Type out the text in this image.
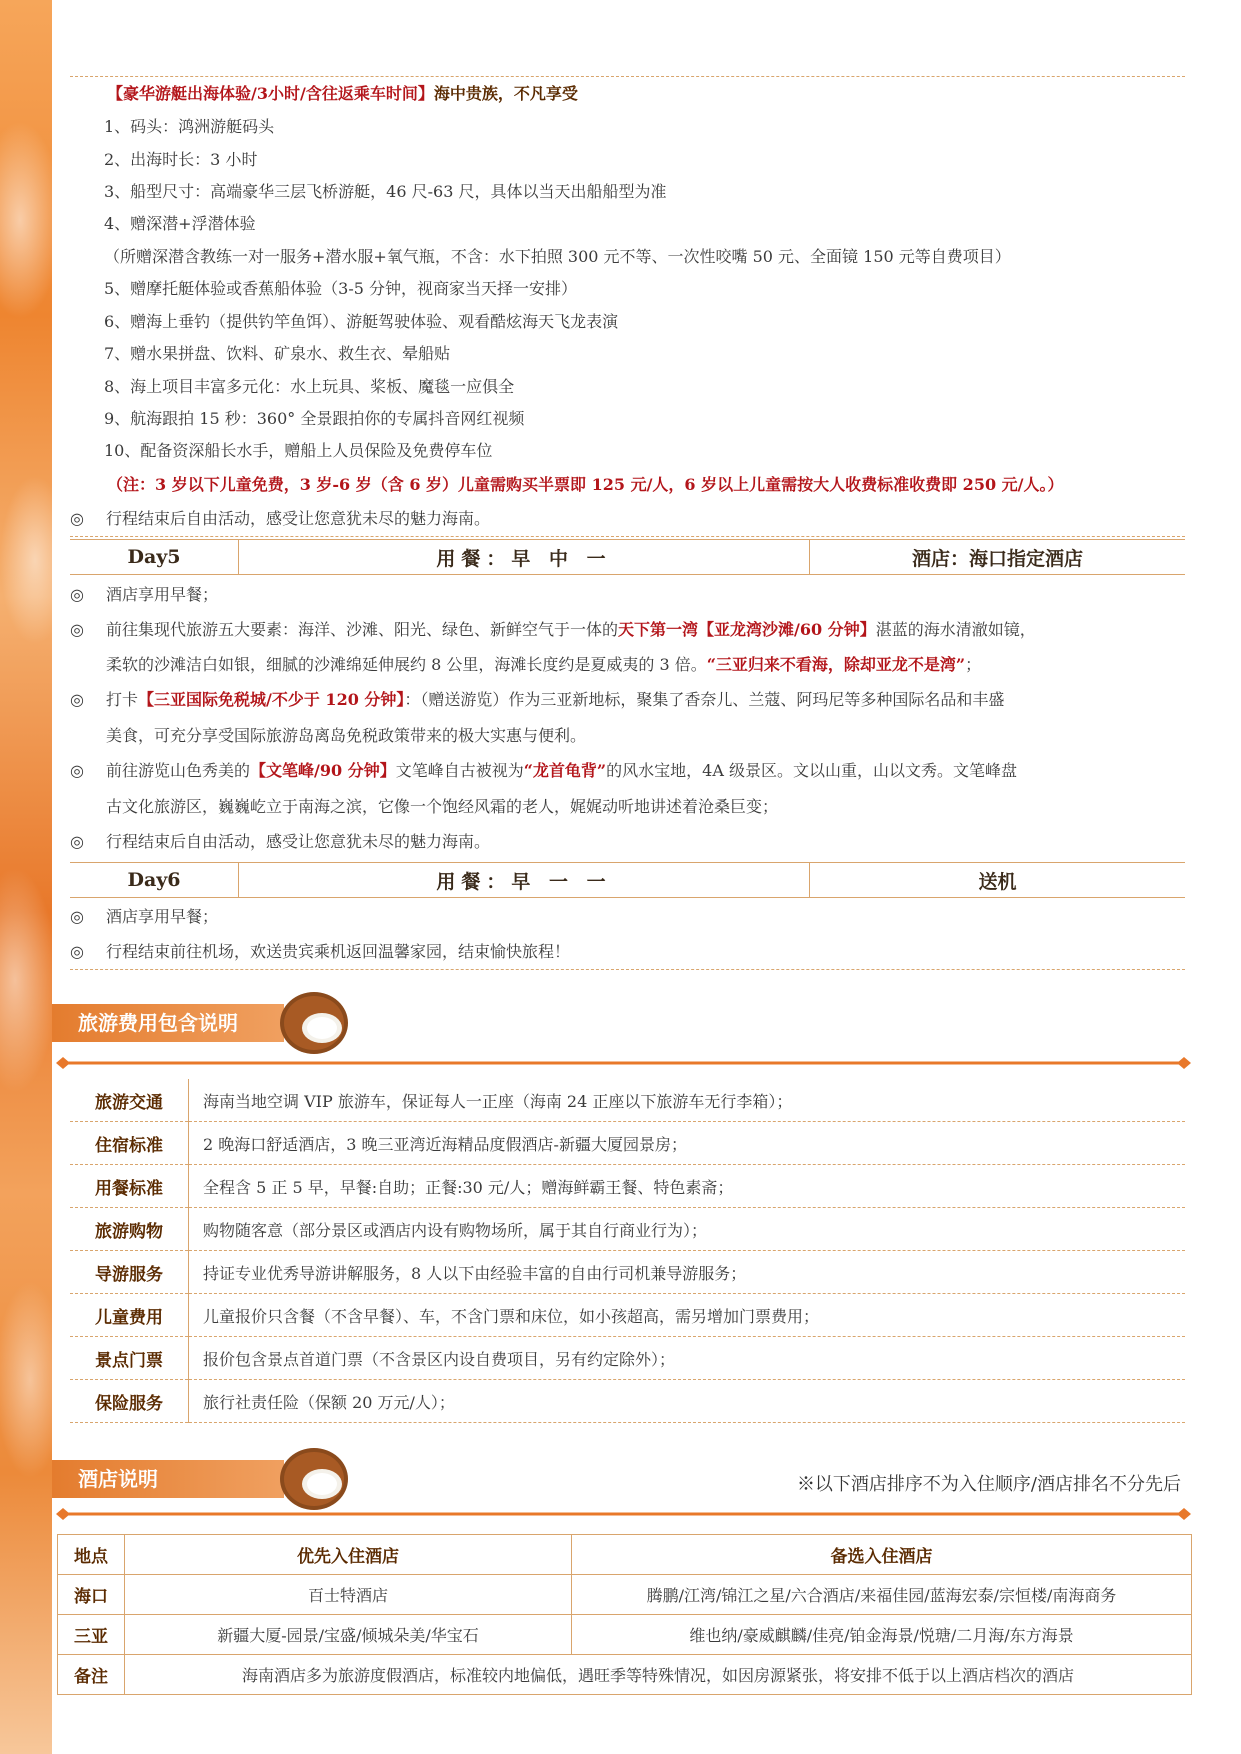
【豪华游艇出海体验/3小时/含往返乘车时间】海中贵族，不凡享受
1、码头：鸿洲游艇码头
2、出海时长：3 小时
3、船型尺寸：高端豪华三层飞桥游艇，46 尺-63 尺，具体以当天出船船型为准
4、赠深潜+浮潜体验
（所赠深潜含教练一对一服务+潜水服+氧气瓶，不含：水下拍照 300 元不等、一次性咬嘴 50 元、全面镜 150 元等自费项目）
5、赠摩托艇体验或香蕉船体验（3-5 分钟，视商家当天择一安排）
6、赠海上垂钓（提供钓竿鱼饵）、游艇驾驶体验、观看酷炫海天飞龙表演
7、赠水果拼盘、饮料、矿泉水、救生衣、晕船贴
8、海上项目丰富多元化：水上玩具、桨板、魔毯一应俱全
9、航海跟拍 15 秒：360° 全景跟拍你的专属抖音网红视频
10、配备资深船长水手，赠船上人员保险及免费停车位
（注：3 岁以下儿童免费，3 岁-6 岁（含 6 岁）儿童需购买半票即 125 元/人，6 岁以上儿童需按大人收费标准收费即 250 元/人。）
◎ 行程结束后自由活动，感受让您意犹未尽的魅力海南。
Day5	用餐：早 中 一	酒店：海口指定酒店
◎ 酒店享用早餐；
◎ 前往集现代旅游五大要素：海洋、沙滩、阳光、绿色、新鲜空气于一体的天下第一湾【亚龙湾沙滩/60 分钟】湛蓝的海水清澈如镜，
柔软的沙滩洁白如银，细腻的沙滩绵延伸展约 8 公里，海滩长度约是夏威夷的 3 倍。“三亚归来不看海，除却亚龙不是湾”；
◎ 打卡【三亚国际免税城/不少于 120 分钟】：（赠送游览）作为三亚新地标，聚集了香奈儿、兰蔻、阿玛尼等多种国际名品和丰盛
美食，可充分享受国际旅游岛离岛免税政策带来的极大实惠与便利。
◎ 前往游览山色秀美的【文笔峰/90 分钟】文笔峰自古被视为“龙首龟背”的风水宝地，4A 级景区。文以山重，山以文秀。文笔峰盘
古文化旅游区，巍巍屹立于南海之滨，它像一个饱经风霜的老人，娓娓动听地讲述着沧桑巨变；
◎ 行程结束后自由活动，感受让您意犹未尽的魅力海南。
Day6	用餐：早 一 一	送机
◎ 酒店享用早餐；
◎ 行程结束前往机场，欢送贵宾乘机返回温馨家园，结束愉快旅程！
旅游费用包含说明
旅游交通	海南当地空调 VIP 旅游车，保证每人一正座（海南 24 正座以下旅游车无行李箱）；
住宿标准	2 晚海口舒适酒店，3 晚三亚湾近海精品度假酒店-新疆大厦园景房；
用餐标准	全程含 5 正 5 早，早餐:自助；正餐:30 元/人；赠海鲜霸王餐、特色素斋；
旅游购物	购物随客意（部分景区或酒店内设有购物场所，属于其自行商业行为）；
导游服务	持证专业优秀导游讲解服务，8 人以下由经验丰富的自由行司机兼导游服务；
儿童费用	儿童报价只含餐（不含早餐）、车，不含门票和床位，如小孩超高，需另增加门票费用；
景点门票	报价包含景点首道门票（不含景区内设自费项目，另有约定除外）；
保险服务	旅行社责任险（保额 20 万元/人）；
酒店说明	※以下酒店排序不为入住顺序/酒店排名不分先后
地点	优先入住酒店	备选入住酒店
海口	百士特酒店	腾鹏/江湾/锦江之星/六合酒店/来福佳园/蓝海宏泰/宗恒楼/南海商务
三亚	新疆大厦-园景/宝盛/倾城朵美/华宝石	维也纳/豪威麒麟/佳亮/铂金海景/悦瑭/二月海/东方海景
备注	海南酒店多为旅游度假酒店，标准较内地偏低，遇旺季等特殊情况，如因房源紧张，将安排不低于以上酒店档次的酒店	
